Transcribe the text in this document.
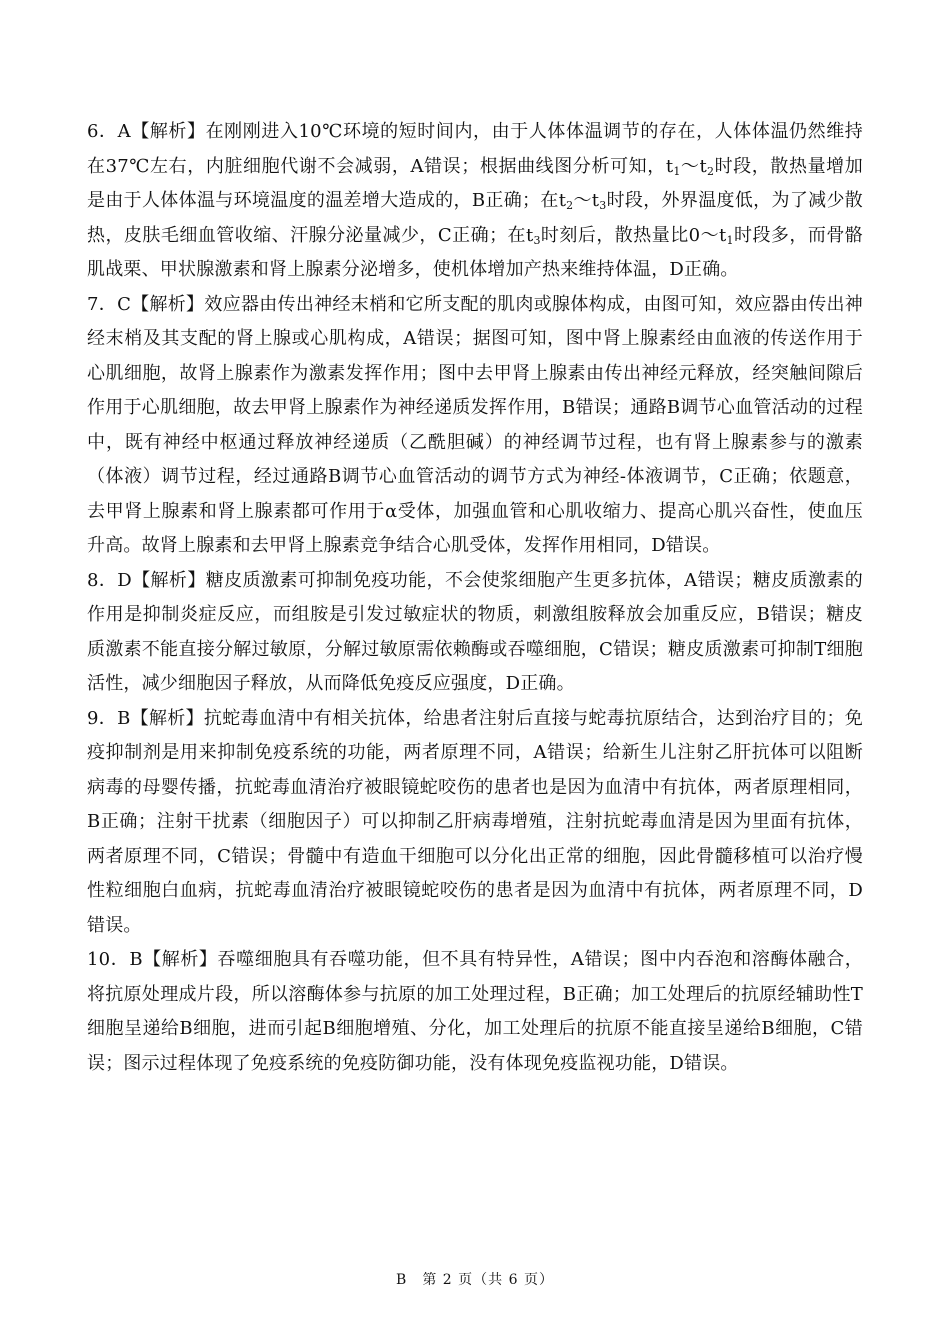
6．A【解析】在刚刚进入10℃环境的短时间内，由于人体体温调节的存在，人体体温仍然维持在37℃左右，内脏细胞代谢不会减弱，A错误；根据曲线图分析可知，$t_1\sim t_2$时段，散热量增加是由于人体体温与环境温度的温差增大造成的，B正确；在$t_2\sim t_3$时段，外界温度低，为了减少散热，皮肤毛细血管收缩、汗腺分泌量减少，C正确；在$t_3$时刻后，散热量比$0\sim t_1$时段多，而骨骼肌战栗、甲状腺激素和肾上腺素分泌增多，使机体增加产热来维持体温，D正确。

7．C【解析】效应器由传出神经末梢和它所支配的肌肉或腺体构成，由图可知，效应器由传出神经末梢及其支配的肾上腺或心肌构成，A错误；据图可知，图中肾上腺素经由血液的传送作用于心肌细胞，故肾上腺素作为激素发挥作用；图中去甲肾上腺素由传出神经元释放，经突触间隙后作用于心肌细胞，故去甲肾上腺素作为神经递质发挥作用，B错误；通路B调节心血管活动的过程中，既有神经中枢通过释放神经递质（乙酰胆碱）的神经调节过程，也有肾上腺素参与的激素（体液）调节过程，经过通路B调节心血管活动的调节方式为神经-体液调节，C正确；依题意，去甲肾上腺素和肾上腺素都可作用于α受体，加强血管和心肌收缩力、提高心肌兴奋性，使血压升高。故肾上腺素和去甲肾上腺素竞争结合心肌受体，发挥作用相同，D错误。

8．D【解析】糖皮质激素可抑制免疫功能，不会使浆细胞产生更多抗体，A错误；糖皮质激素的作用是抑制炎症反应，而组胺是引发过敏症状的物质，刺激组胺释放会加重反应，B错误；糖皮质激素不能直接分解过敏原，分解过敏原需依赖酶或吞噬细胞，C错误；糖皮质激素可抑制T细胞活性，减少细胞因子释放，从而降低免疫反应强度，D正确。

9．B【解析】抗蛇毒血清中有相关抗体，给患者注射后直接与蛇毒抗原结合，达到治疗目的；免疫抑制剂是用来抑制免疫系统的功能，两者原理不同，A错误；给新生儿注射乙肝抗体可以阻断病毒的母婴传播，抗蛇毒血清治疗被眼镜蛇咬伤的患者也是因为血清中有抗体，两者原理相同，B正确；注射干扰素（细胞因子）可以抑制乙肝病毒增殖，注射抗蛇毒血清是因为里面有抗体，两者原理不同，C错误；骨髓中有造血干细胞可以分化出正常的细胞，因此骨髓移植可以治疗慢性粒细胞白血病，抗蛇毒血清治疗被眼镜蛇咬伤的患者是因为血清中有抗体，两者原理不同，D错误。

10．B【解析】吞噬细胞具有吞噬功能，但不具有特异性，A错误；图中内吞泡和溶酶体融合，将抗原处理成片段，所以溶酶体参与抗原的加工处理过程，B正确；加工处理后的抗原经辅助性T细胞呈递给B细胞，进而引起B细胞增殖、分化，加工处理后的抗原不能直接呈递给B细胞，C错误；图示过程体现了免疫系统的免疫防御功能，没有体现免疫监视功能，D错误。

B　第 2 页（共 6 页）
